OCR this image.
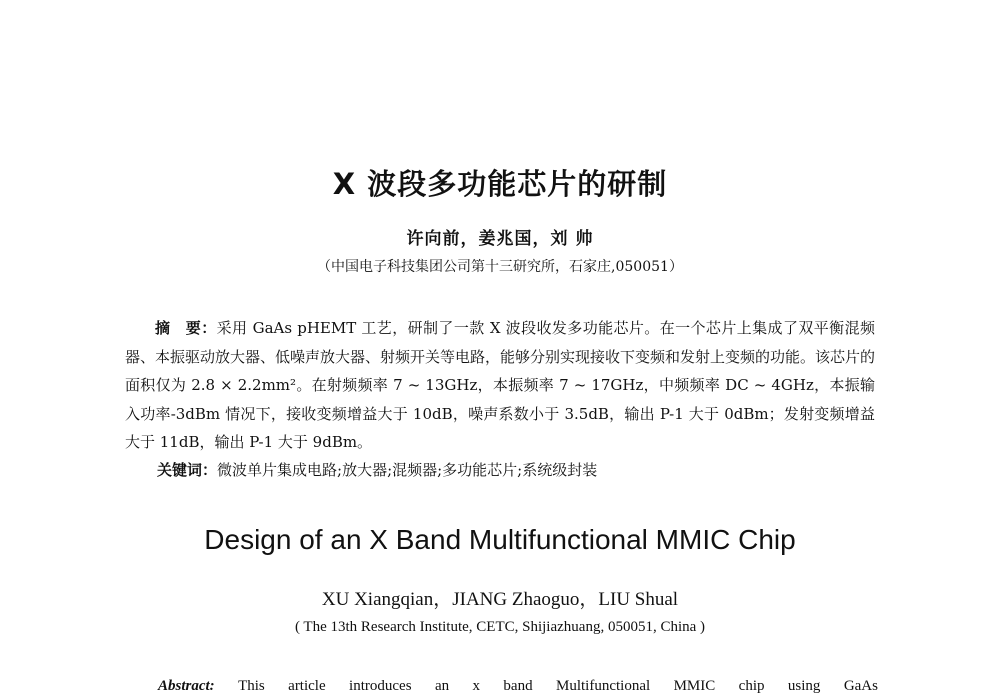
X 波段多功能芯片的研制
许向前，姜兆国，刘 帅
（中国电子科技集团公司第十三研究所，石家庄,050051）

摘　要：采用 GaAs pHEMT 工艺，研制了一款 X 波段收发多功能芯片。在一个芯片上集成了双平衡混频器、本振驱动放大器、低噪声放大器、射频开关等电路，能够分别实现接收下变频和发射上变频的功能。该芯片的面积仅为 2.8 × 2.2mm²。在射频频率 7 ~ 13GHz，本振频率 7 ~ 17GHz，中频频率 DC ~ 4GHz，本振输入功率-3dBm 情况下，接收变频增益大于 10dB，噪声系数小于 3.5dB，输出 P-1 大于 0dBm；发射变频增益大于 11dB，输出 P-1 大于 9dBm。

关键词：微波单片集成电路;放大器;混频器;多功能芯片;系统级封装
Design of an X Band Multifunctional MMIC Chip
XU Xiangqian，JIANG Zhaoguo，LIU Shual
( The 13th Research Institute, CETC, Shijiazhuang, 050051, China )
Abstract: This article introduces an x band Multifunctional MMIC chip using GaAs
